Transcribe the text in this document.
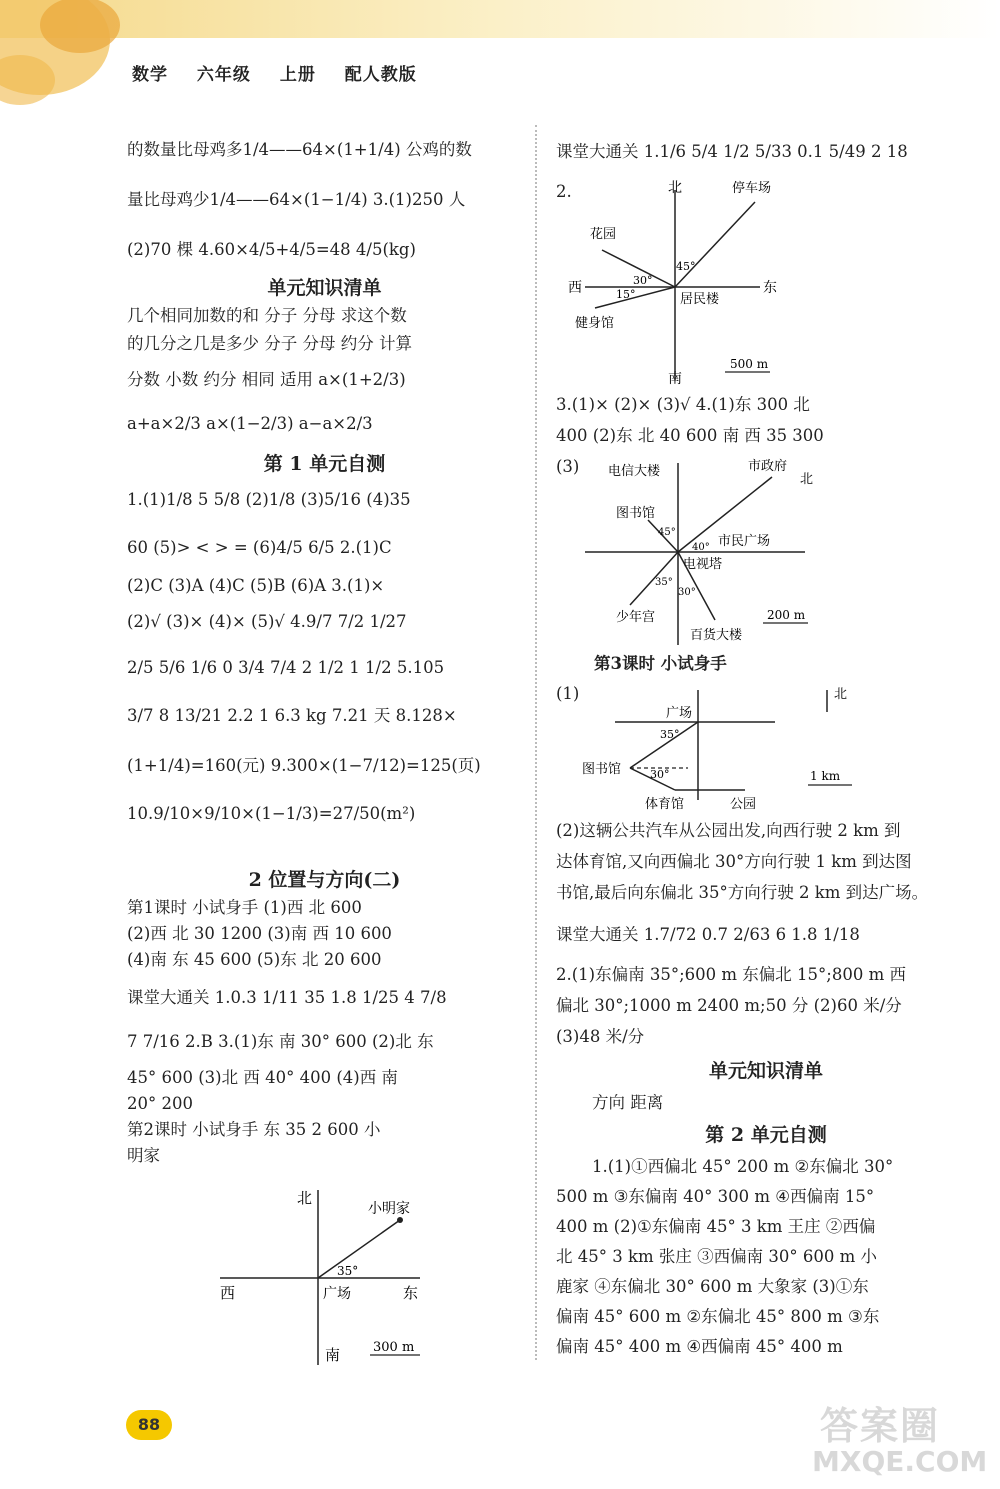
数学 六年级 上册 配人教版

的数量比母鸡多1/4——64×(1+1/4) 公鸡的数

量比母鸡少1/4——64×(1−1/4) 3.(1)250 人

(2)70 棵 4.60×4/5+4/5=48 4/5(kg)

单元知识清单

几个相同加数的和 分子 分母 求这个数

的几分之几是多少 分子 分母 约分 计算

分数 小数 约分 相同 适用 a×(1+2/3)

a+a×2/3 a×(1−2/3) a−a×2/3

第 1 单元自测

1.(1)1/8 5 5/8 (2)1/8 (3)5/16 (4)35

60 (5)> < > = (6)4/5 6/5 2.(1)C

(2)C (3)A (4)C (5)B (6)A 3.(1)×

(2)√ (3)× (4)× (5)√ 4.9/7 7/2 1/27

2/5 5/6 1/6 0 3/4 7/4 2 1/2 1 1/2 5.105

3/7 8 13/21 2.2 1 6.3 kg 7.21 天 8.128×

(1+1/4)=160(元) 9.300×(1−7/12)=125(页)

10.9/10×9/10×(1−1/3)=27/50(m²)

2 位置与方向(二)

第1课时 小试身手 (1)西 北 600

(2)西 北 30 1200 (3)南 西 10 600

(4)南 东 45 600 (5)东 北 20 600

课堂大通关 1.0.3 1/11 35 1.8 1/25 4 7/8

7 7/16 2.B 3.(1)东 南 30° 600 (2)北 东

45° 600 (3)北 西 40° 400 (4)西 南

20° 200

第2课时 小试身手 东 35 2 600 小

明家

北
南
东
西	广场
小明家
35°
300 m

课堂大通关 1.1/6 5/4 1/2 5/33 0.1 5/49 2 18

2.	北
南
东
西
居民楼
停车场
花园
健身馆
45°
30°
15°
500 m

3.(1)× (2)× (3)√ 4.(1)东 300 北

400 (2)东 北 40 600 南 西 35 300

(3)	电信大楼	市政府
图书馆
市民广场
电视塔
少年宫
百货大楼
45°
40°
35°
30°
北
200 m

第3课时 小试身手

(1)

广场
图书馆
体育馆	公园
35°
30°
北
1 km

(2)这辆公共汽车从公园出发,向西行驶 2 km 到

达体育馆,又向西偏北 30°方向行驶 1 km 到达图

书馆,最后向东偏北 35°方向行驶 2 km 到达广场。

课堂大通关 1.7/72 0.7 2/63 6 1.8 1/18

2.(1)东偏南 35°;600 m 东偏北 15°;800 m 西

偏北 30°;1000 m 2400 m;50 分 (2)60 米/分

(3)48 米/分

单元知识清单

方向 距离

第 2 单元自测

1.(1)①西偏北 45° 200 m ②东偏北 30°

500 m ③东偏南 40° 300 m ④西偏南 15°

400 m (2)①东偏南 45° 3 km 王庄 ②西偏

北 45° 3 km 张庄 ③西偏南 30° 600 m 小

鹿家 ④东偏北 30° 600 m 大象家 (3)①东

偏南 45° 600 m ②东偏北 45° 800 m ③东

偏南 45° 400 m ④西偏南 45° 400 m

88	答案圈
MXQE.COM
